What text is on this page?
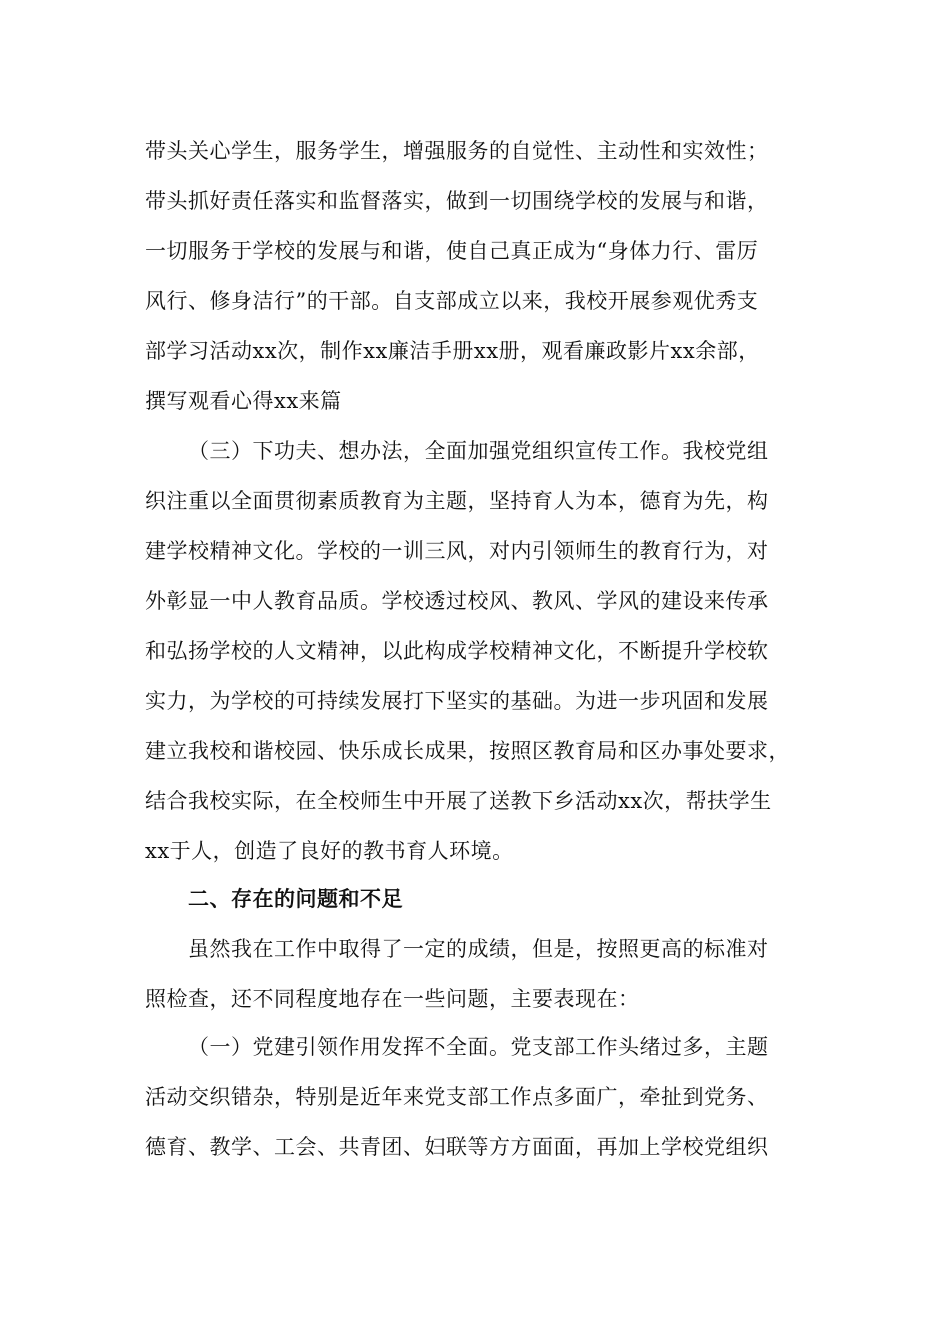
带头关心学生，服务学生，增强服务的自觉性、主动性和实效性；
带头抓好责任落实和监督落实，做到一切围绕学校的发展与和谐，
一切服务于学校的发展与和谐，使自己真正成为“身体力行、雷厉
风行、修身洁行”的干部。自支部成立以来，我校开展参观优秀支
部学习活动xx次，制作xx廉洁手册xx册，观看廉政影片xx余部，
撰写观看心得xx来篇
（三）下功夫、想办法，全面加强党组织宣传工作。我校党组
织注重以全面贯彻素质教育为主题，坚持育人为本，德育为先，构
建学校精神文化。学校的一训三风，对内引领师生的教育行为，对
外彰显一中人教育品质。学校透过校风、教风、学风的建设来传承
和弘扬学校的人文精神，以此构成学校精神文化，不断提升学校软
实力，为学校的可持续发展打下坚实的基础。为进一步巩固和发展
建立我校和谐校园、快乐成长成果，按照区教育局和区办事处要求，
结合我校实际，在全校师生中开展了送教下乡活动xx次，帮扶学生
xx于人，创造了良好的教书育人环境。
二、存在的问题和不足
虽然我在工作中取得了一定的成绩，但是，按照更高的标准对
照检查，还不同程度地存在一些问题，主要表现在：
（一）党建引领作用发挥不全面。党支部工作头绪过多，主题
活动交织错杂，特别是近年来党支部工作点多面广，牵扯到党务、
德育、教学、工会、共青团、妇联等方方面面，再加上学校党组织
